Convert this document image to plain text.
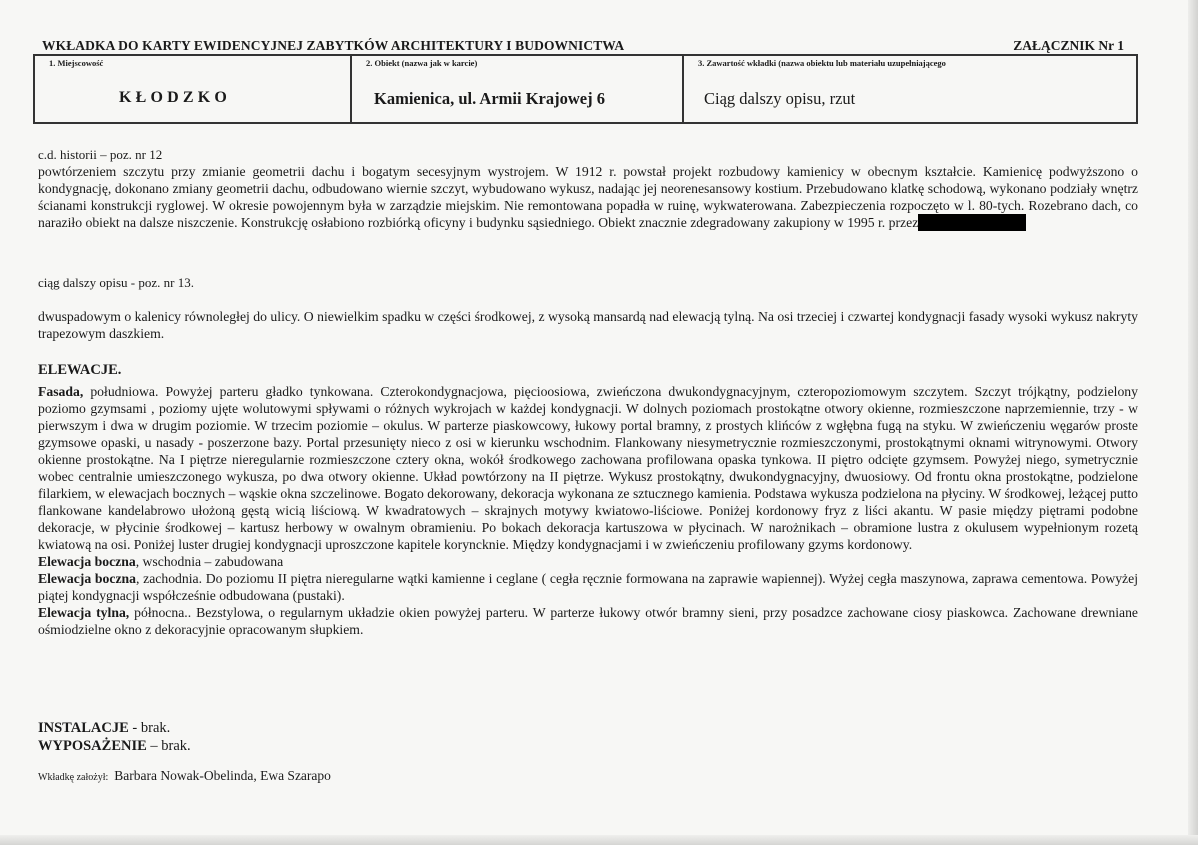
WKŁADKA DO KARTY EWIDENCYJNEJ ZABYTKÓW ARCHITEKTURY I BUDOWNICTWA	ZAŁĄCZNIK Nr 1
1. Miejscowość
KŁODZKO
2. Obiekt (nazwa jak w karcie)
Kamienica, ul. Armii Krajowej 6
3. Zawartość wkładki (nazwa obiektu lub materiału uzupełniającego
Ciąg dalszy opisu, rzut
c.d. historii – poz. nr 12

powtórzeniem szczytu przy zmianie geometrii dachu i bogatym secesyjnym wystrojem. W 1912 r. powstał projekt rozbudowy kamienicy w obecnym kształcie. Kamienicę podwyższono o kondygnację, dokonano zmiany geometrii dachu, odbudowano wiernie szczyt, wybudowano wykusz, nadając jej neorenesansowy kostium. Przebudowano klatkę schodową, wykonano podziały wnętrz ścianami konstrukcji ryglowej. W okresie powojennym była w zarządzie miejskim. Nie remontowana popadła w ruinę, wykwaterowana. Zabezpieczenia rozpoczęto w l. 80-tych. Rozebrano dach, co naraziło obiekt na dalsze niszczenie. Konstrukcję osłabiono rozbiórką oficyny i budynku sąsiedniego. Obiekt znacznie zdegradowany zakupiony w 1995 r. przez

ciąg dalszy opisu - poz. nr 13.
dwuspadowym o kalenicy równoległej do ulicy. O niewielkim spadku w części środkowej, z wysoką mansardą nad elewacją tylną. Na osi trzeciej i czwartej kondygnacji fasady wysoki wykusz nakryty trapezowym daszkiem.
ELEWACJE.

Fasada, południowa. Powyżej parteru gładko tynkowana. Czterokondygnacjowa, pięcioosiowa, zwieńczona dwukondygnacyjnym, czteropoziomowym szczytem. Szczyt trójkątny, podzielony poziomo gzymsami , poziomy ujęte wolutowymi spływami o różnych wykrojach w każdej kondygnacji. W dolnych poziomach prostokątne otwory okienne, rozmieszczone naprzemiennie, trzy - w pierwszym i dwa w drugim poziomie. W trzecim poziomie – okulus. W parterze piaskowcowy, łukowy portal bramny, z prostych klińców z wgłębna fugą na styku. W zwieńczeniu węgarów proste gzymsowe opaski, u nasady - poszerzone bazy. Portal przesunięty nieco z osi w kierunku wschodnim. Flankowany niesymetrycznie rozmieszczonymi, prostokątnymi oknami witrynowymi. Otwory okienne prostokątne. Na I piętrze nieregularnie rozmieszczone cztery okna, wokół środkowego zachowana profilowana opaska tynkowa. II piętro odcięte gzymsem. Powyżej niego, symetrycznie wobec centralnie umieszczonego wykusza, po dwa otwory okienne. Układ powtórzony na II piętrze. Wykusz prostokątny, dwukondygnacyjny, dwuosiowy. Od frontu okna prostokątne, podzielone filarkiem, w elewacjach bocznych – wąskie okna szczelinowe. Bogato dekorowany, dekoracja wykonana ze sztucznego kamienia. Podstawa wykusza podzielona na płyciny. W środkowej, leżącej putto flankowane kandelabrowo ułożoną gęstą wicią liściową. W kwadratowych – skrajnych motywy kwiatowo-liściowe. Poniżej kordonowy fryz z liści akantu. W pasie między piętrami podobne dekoracje, w płycinie środkowej – kartusz herbowy w owalnym obramieniu. Po bokach dekoracja kartuszowa w płycinach. W narożnikach – obramione lustra z okulusem wypełnionym rozetą kwiatową na osi. Poniżej luster drugiej kondygnacji uproszczone kapitele koryncknie. Między kondygnacjami i w zwieńczeniu profilowany gzyms kordonowy.

Elewacja boczna, wschodnia – zabudowana

Elewacja boczna, zachodnia. Do poziomu II piętra nieregularne wątki kamienne i ceglane ( cegła ręcznie formowana na zaprawie wapiennej). Wyżej cegła maszynowa, zaprawa cementowa. Powyżej piątej kondygnacji współcześnie odbudowana (pustaki).

Elewacja tylna, północna.. Bezstylowa, o regularnym układzie okien powyżej parteru. W parterze łukowy otwór bramny sieni, przy posadzce zachowane ciosy piaskowca. Zachowane drewniane ośmiodzielne okno z dekoracyjnie opracowanym słupkiem.

INSTALACJE - brak.
WYPOSAŻENIE – brak.
Wkładkę założył: Barbara Nowak-Obelinda, Ewa Szarapo
